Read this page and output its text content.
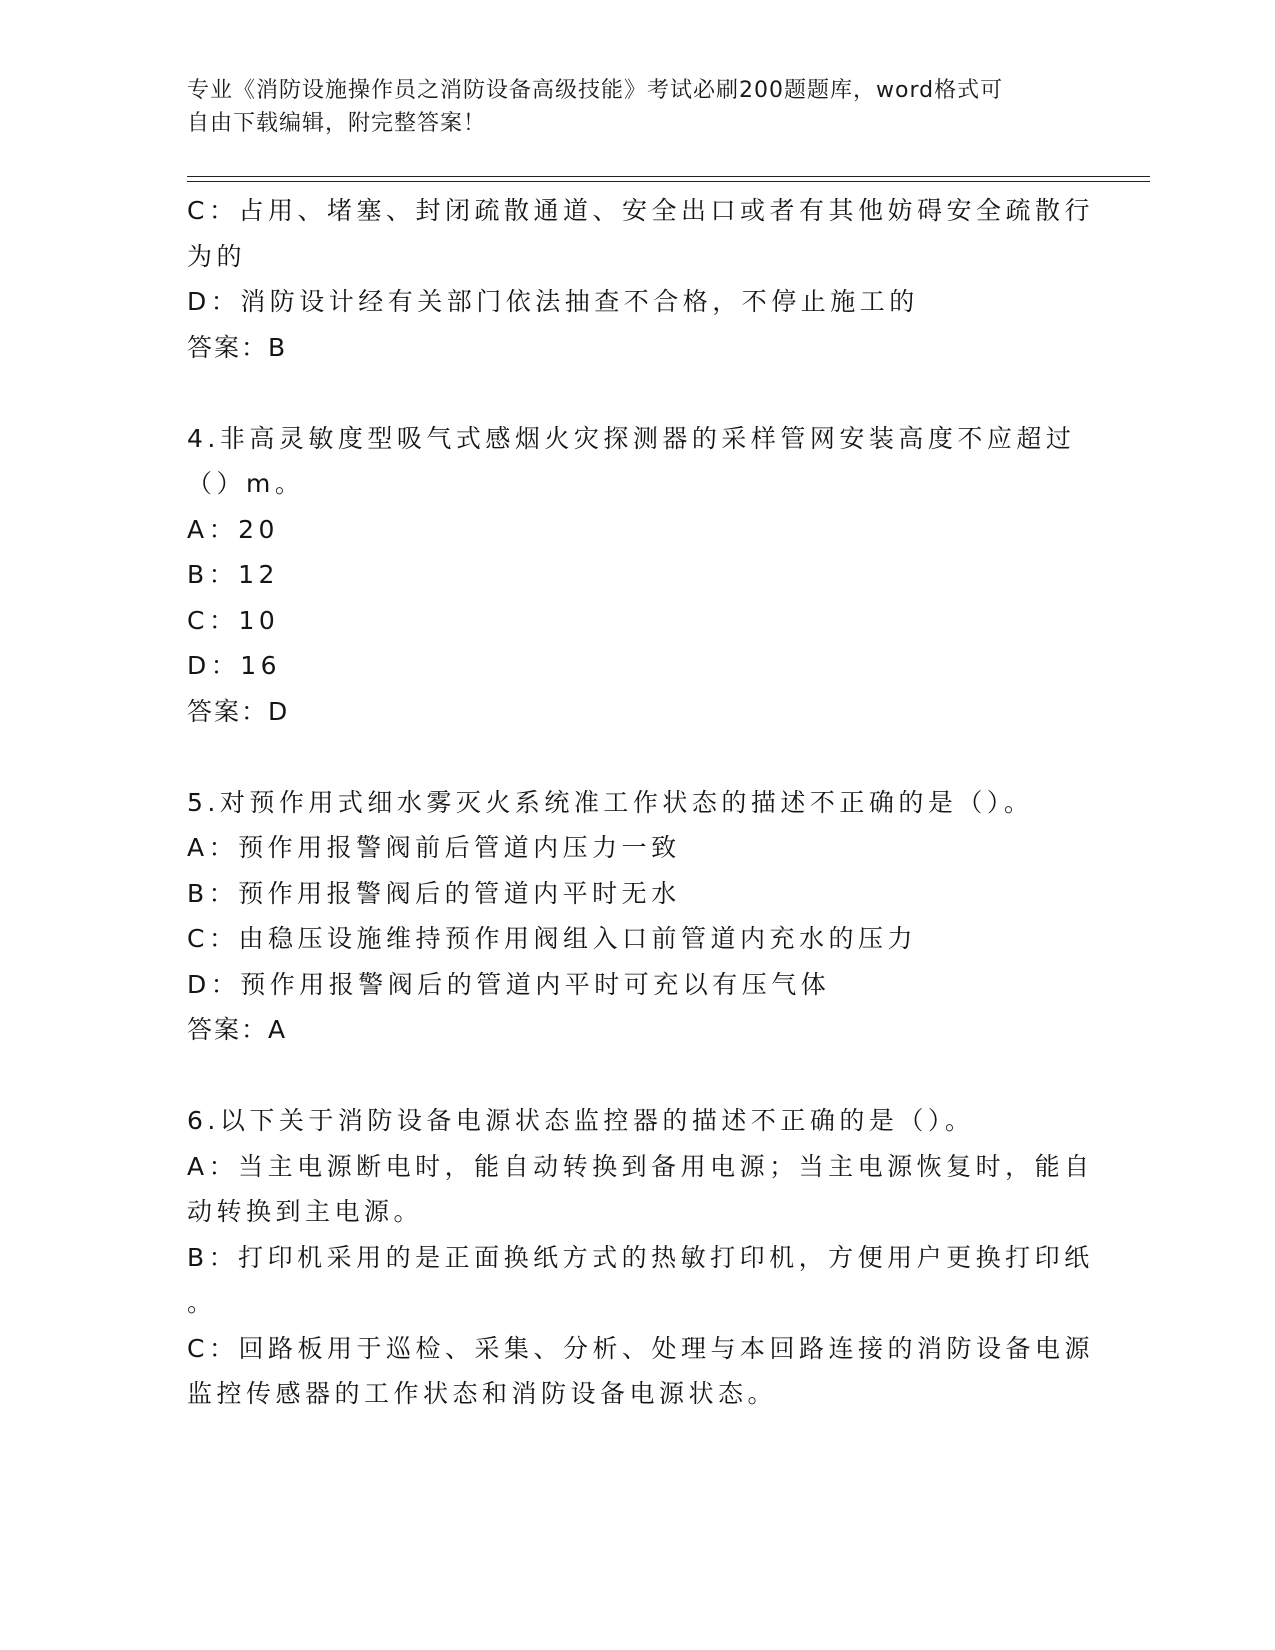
专业《消防设施操作员之消防设备高级技能》考试必刷200题题库，word格式可
自由下载编辑，附完整答案！
C：占用、堵塞、封闭疏散通道、安全出口或者有其他妨碍安全疏散行
为的
D：消防设计经有关部门依法抽查不合格，不停止施工的
答案：B
4.非高灵敏度型吸气式感烟火灾探测器的采样管网安装高度不应超过
（）m。
A：20
B：12
C：10
D：16
答案：D
5.对预作用式细水雾灭火系统准工作状态的描述不正确的是（）。
A：预作用报警阀前后管道内压力一致
B：预作用报警阀后的管道内平时无水
C：由稳压设施维持预作用阀组入口前管道内充水的压力
D：预作用报警阀后的管道内平时可充以有压气体
答案：A
6.以下关于消防设备电源状态监控器的描述不正确的是（）。
A：当主电源断电时，能自动转换到备用电源；当主电源恢复时，能自
动转换到主电源。
B：打印机采用的是正面换纸方式的热敏打印机，方便用户更换打印纸
。
C：回路板用于巡检、采集、分析、处理与本回路连接的消防设备电源
监控传感器的工作状态和消防设备电源状态。
